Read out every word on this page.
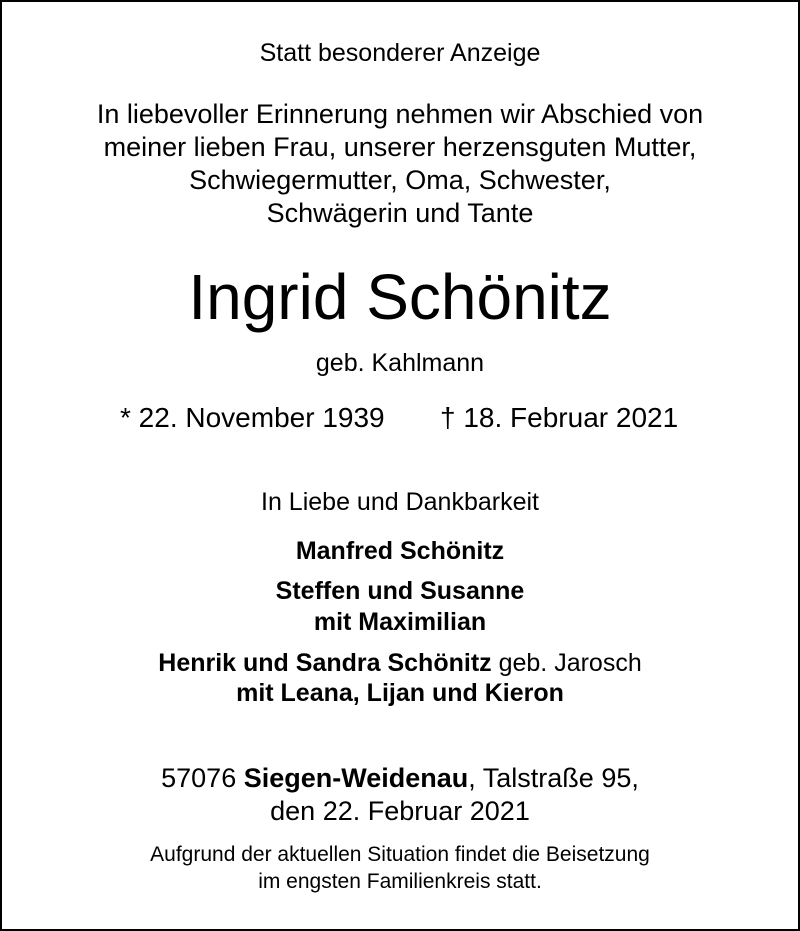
Statt besonderer Anzeige
In liebevoller Erinnerung nehmen wir Abschied von
meiner lieben Frau, unserer herzensguten Mutter,
Schwiegermutter, Oma, Schwester,
Schwägerin und Tante
Ingrid Schönitz
geb. Kahlmann
* 22. November 1939 † 18. Februar 2021
In Liebe und Dankbarkeit
Manfred Schönitz
Steffen und Susanne
mit Maximilian
Henrik und Sandra Schönitz geb. Jarosch
mit Leana, Lijan und Kieron
57076 Siegen-Weidenau, Talstraße 95,
den 22. Februar 2021
Aufgrund der aktuellen Situation findet die Beisetzung
im engsten Familienkreis statt.
